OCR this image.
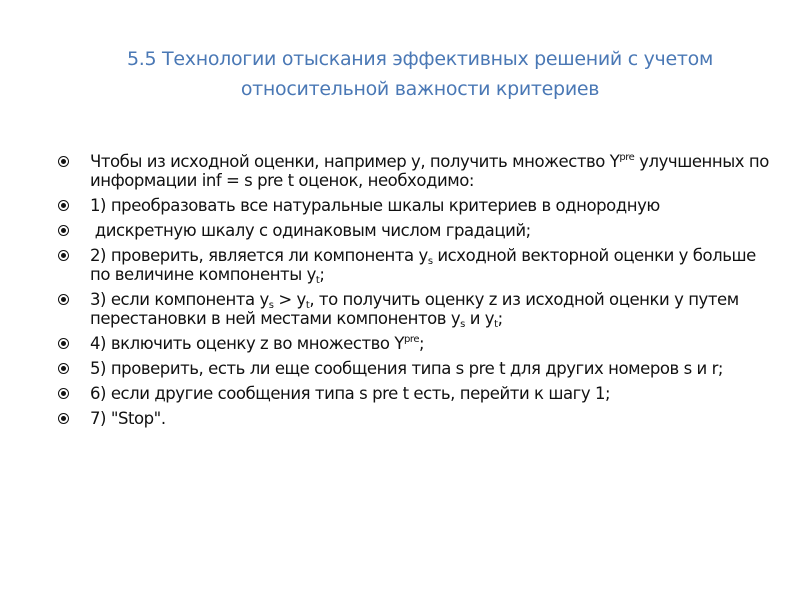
5.5 Технологии отыскания эффективных решений с учетом относительной важности критериев
Чтобы из исходной оценки, например y, получить множество $Y^{pre}$ улучшенных по информации inf = s pre t оценок, необходимо:
1) преобразовать все натуральные шкалы критериев в однородную
дискретную шкалу с одинаковым числом градаций;
2) проверить, является ли компонента $y_s$ исходной векторной оценки y больше по величине компоненты $y_t$;
3) если компонента $y_s > y_t$, то получить оценку z из исходной оценки y путем перестановки в ней местами компонентов $y_s$ и $y_t$;
4) включить оценку z во множество $Y^{pre}$;
5) проверить, есть ли еще сообщения типа s pre t для других номеров s и r;
6) если другие сообщения типа s pre t есть, перейти к шагу 1;
7) "Stop".
